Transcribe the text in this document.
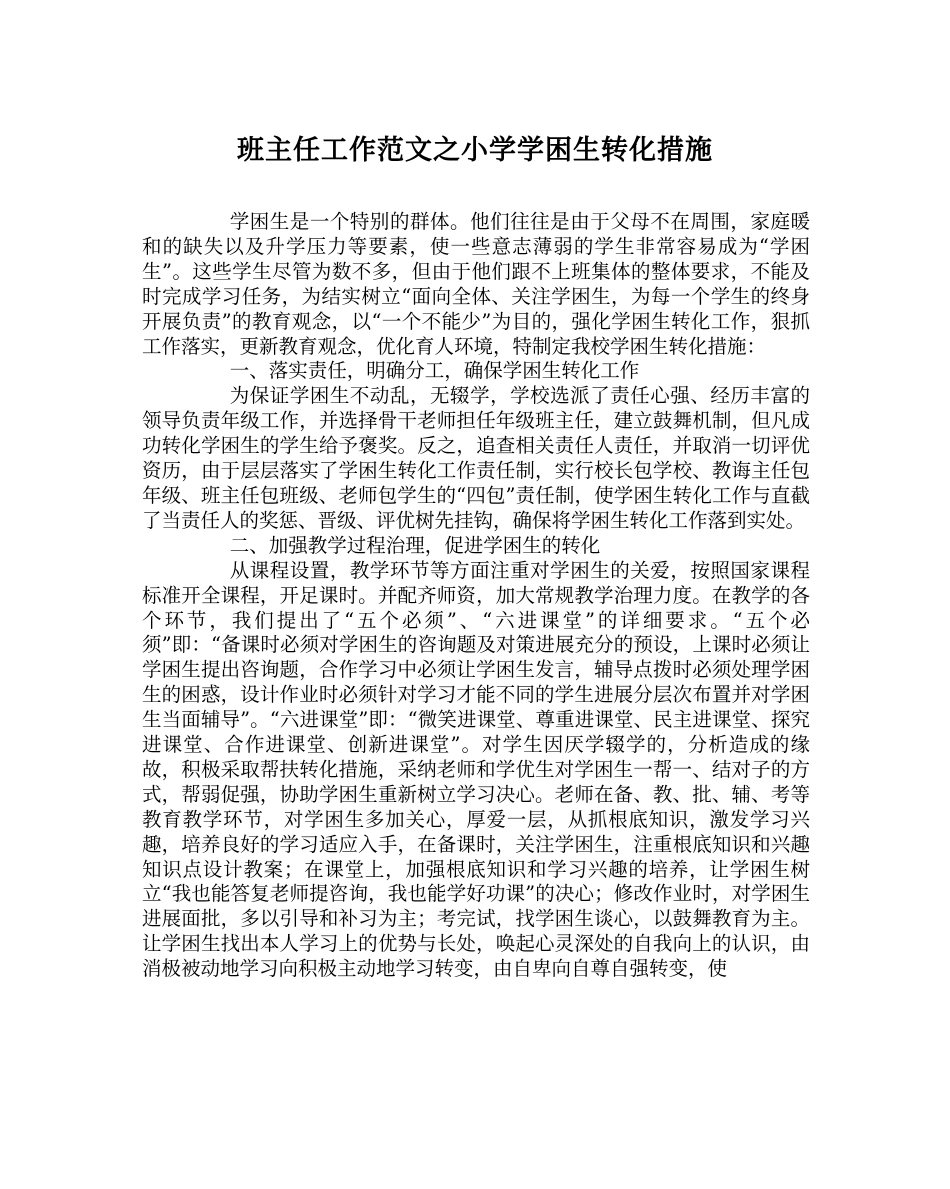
班主任工作范文之小学学困生转化措施

学困生是一个特别的群体。他们往往是由于父母不在周围，家庭暖和的缺失以及升学压力等要素，使一些意志薄弱的学生非常容易成为“学困生”。这些学生尽管为数不多，但由于他们跟不上班集体的整体要求，不能及时完成学习任务，为结实树立“面向全体、关注学困生，为每一个学生的终身开展负责”的教育观念，以“一个不能少”为目的，强化学困生转化工作，狠抓工作落实，更新教育观念，优化育人环境，特制定我校学困生转化措施：

一、落实责任，明确分工，确保学困生转化工作

为保证学困生不动乱，无辍学，学校选派了责任心强、经历丰富的领导负责年级工作，并选择骨干老师担任年级班主任，建立鼓舞机制，但凡成功转化学困生的学生给予褒奖。反之，追查相关责任人责任，并取消一切评优资历，由于层层落实了学困生转化工作责任制，实行校长包学校、教诲主任包年级、班主任包班级、老师包学生的“四包”责任制，使学困生转化工作与直截了当责任人的奖惩、晋级、评优树先挂钩，确保将学困生转化工作落到实处。

二、加强教学过程治理，促进学困生的转化

从课程设置，教学环节等方面注重对学困生的关爱，按照国家课程标准开全课程，开足课时。并配齐师资，加大常规教学治理力度。在教学的各个环节，我们提出了“五个必须”、“六进课堂”的详细要求。“五个必须”即：“备课时必须对学困生的咨询题及对策进展充分的预设，上课时必须让学困生提出咨询题，合作学习中必须让学困生发言，辅导点拨时必须处理学困生的困惑，设计作业时必须针对学习才能不同的学生进展分层次布置并对学困生当面辅导”。“六进课堂”即：“微笑进课堂、尊重进课堂、民主进课堂、探究进课堂、合作进课堂、创新进课堂”。对学生因厌学辍学的，分析造成的缘故，积极采取帮扶转化措施，采纳老师和学优生对学困生一帮一、结对子的方式，帮弱促强，协助学困生重新树立学习决心。老师在备、教、批、辅、考等教育教学环节，对学困生多加关心，厚爱一层，从抓根底知识，激发学习兴趣，培养良好的学习适应入手，在备课时，关注学困生，注重根底知识和兴趣知识点设计教案；在课堂上，加强根底知识和学习兴趣的培养，让学困生树立“我也能答复老师提咨询，我也能学好功课”的决心；修改作业时，对学困生进展面批，多以引导和补习为主；考完试，找学困生谈心，以鼓舞教育为主。让学困生找出本人学习上的优势与长处，唤起心灵深处的自我向上的认识，由消极被动地学习向积极主动地学习转变，由自卑向自尊自强转变，使
